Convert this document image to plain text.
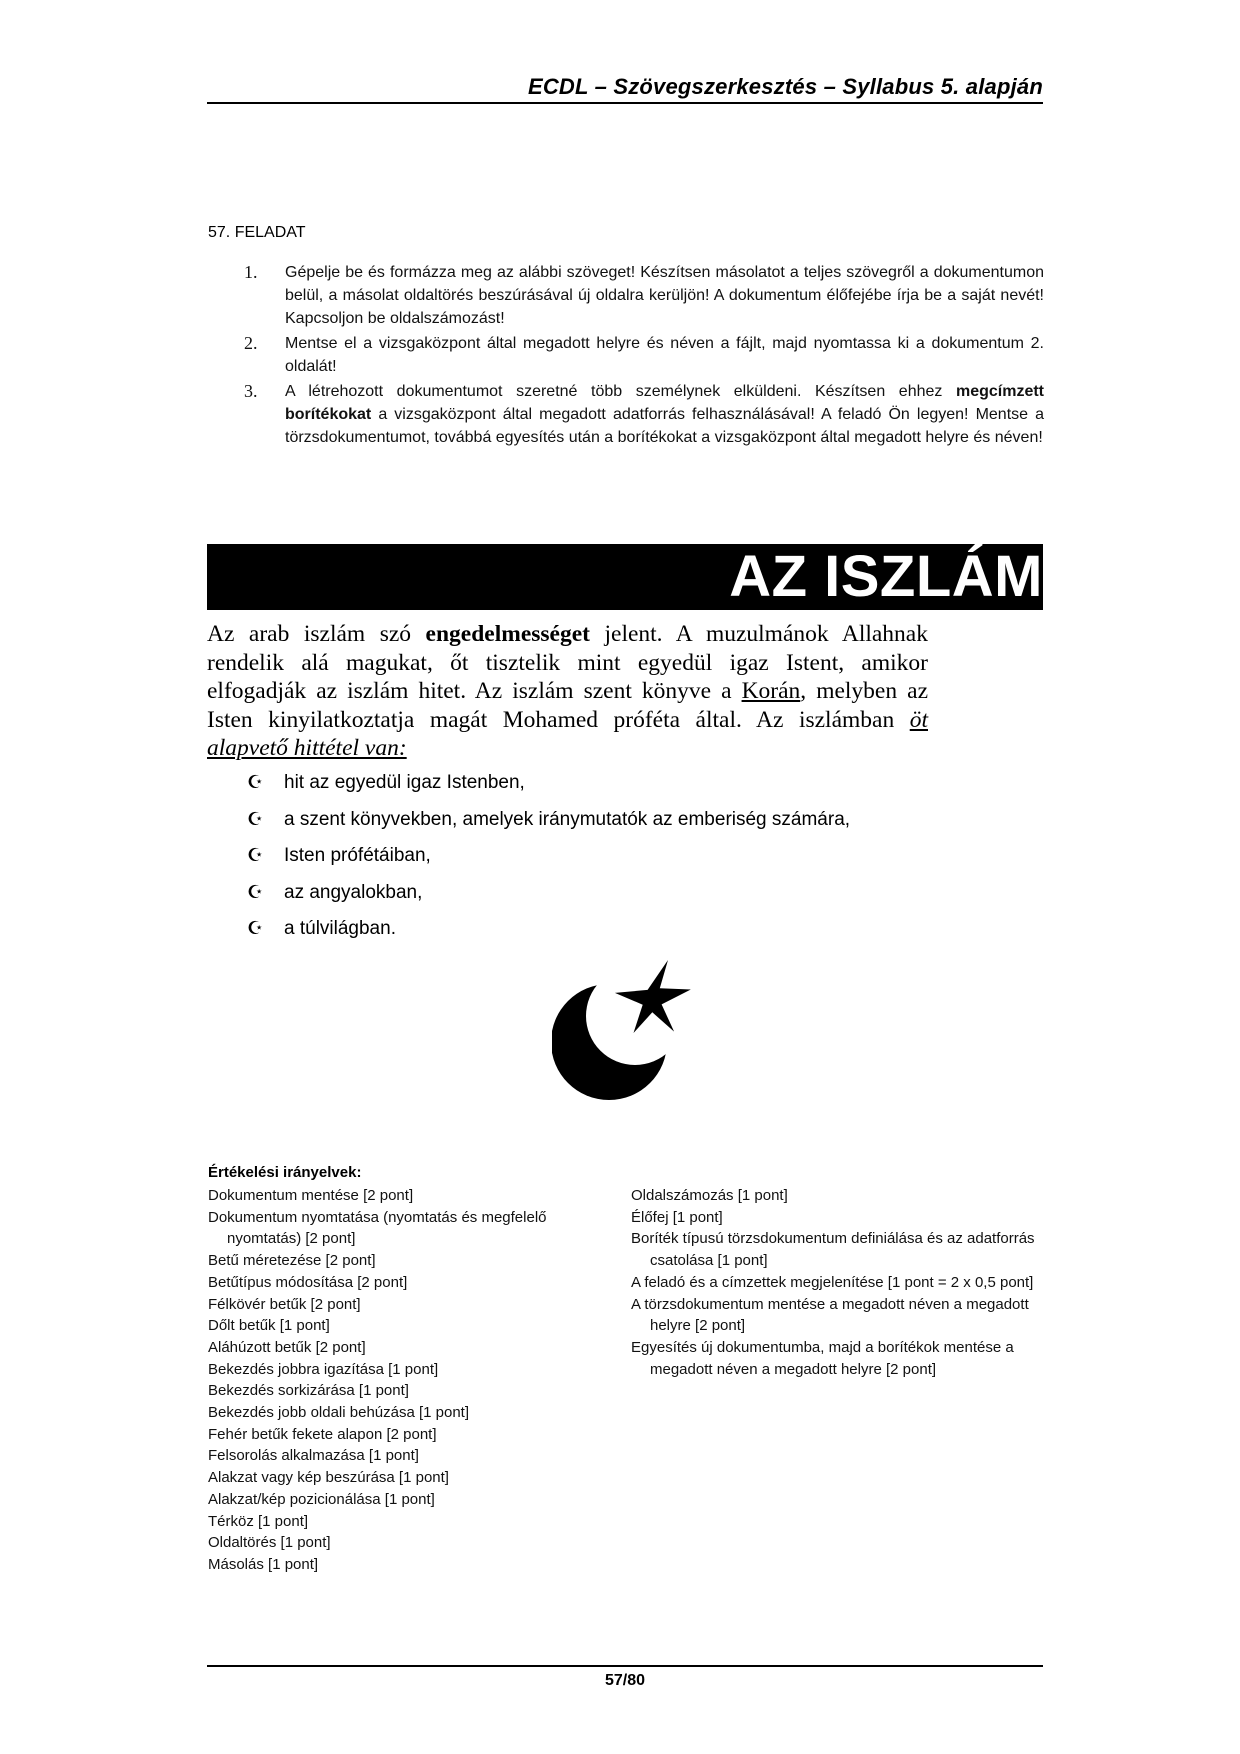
ECDL – Szövegszerkesztés – Syllabus 5. alapján
57. FELADAT
1. Gépelje be és formázza meg az alábbi szöveget! Készítsen másolatot a teljes szövegről a dokumentumon belül, a másolat oldaltörés beszúrásával új oldalra kerüljön! A dokumentum élőfejébe írja be a saját nevét! Kapcsoljon be oldalszámozást!
2. Mentse el a vizsgaközpont által megadott helyre és néven a fájlt, majd nyomtassa ki a dokumentum 2. oldalát!
3. A létrehozott dokumentumot szeretné több személynek elküldeni. Készítsen ehhez megcímzett borítékokat a vizsgaközpont által megadott adatforrás felhasználásával! A feladó Ön legyen! Mentse a törzsdokumentumot, továbbá egyesítés után a borítékokat a vizsgaközpont által megadott helyre és néven!
AZ ISZLÁM
Az arab iszlám szó engedelmességet jelent. A muzulmánok Allahnak rendelik alá magukat, őt tisztelik mint egyedül igaz Istent, amikor elfogadják az iszlám hitet. Az iszlám szent könyve a Korán, melyben az Isten kinyilatkoztatja magát Mohamed próféta által. Az iszlámban öt alapvető hittétel van:
☪	hit az egyedül igaz Istenben,
☪	a szent könyvekben, amelyek iránymutatók az emberiség számára,
☪	Isten prófétáiban,
☪	az angyalokban,
☪	a túlvilágban.
Értékelési irányelvek:
Dokumentum mentése [2 pont]
Dokumentum nyomtatása (nyomtatás és megfelelő nyomtatás) [2 pont]
Betű méretezése [2 pont]
Betűtípus módosítása [2 pont]
Félkövér betűk [2 pont]
Dőlt betűk [1 pont]
Aláhúzott betűk [2 pont]
Bekezdés jobbra igazítása [1 pont]
Bekezdés sorkizárása [1 pont]
Bekezdés jobb oldali behúzása [1 pont]
Fehér betűk fekete alapon [2 pont]
Felsorolás alkalmazása [1 pont]
Alakzat vagy kép beszúrása [1 pont]
Alakzat/kép pozicionálása [1 pont]
Térköz [1 pont]
Oldaltörés [1 pont]
Másolás [1 pont]
Oldalszámozás [1 pont]
Élőfej [1 pont]
Boríték típusú törzsdokumentum definiálása és az adatforrás csatolása [1 pont]
A feladó és a címzettek megjelenítése [1 pont = 2 x 0,5 pont]
A törzsdokumentum mentése a megadott néven a megadott helyre [2 pont]
Egyesítés új dokumentumba, majd a borítékok mentése a megadott néven a megadott helyre [2 pont]
57/80
